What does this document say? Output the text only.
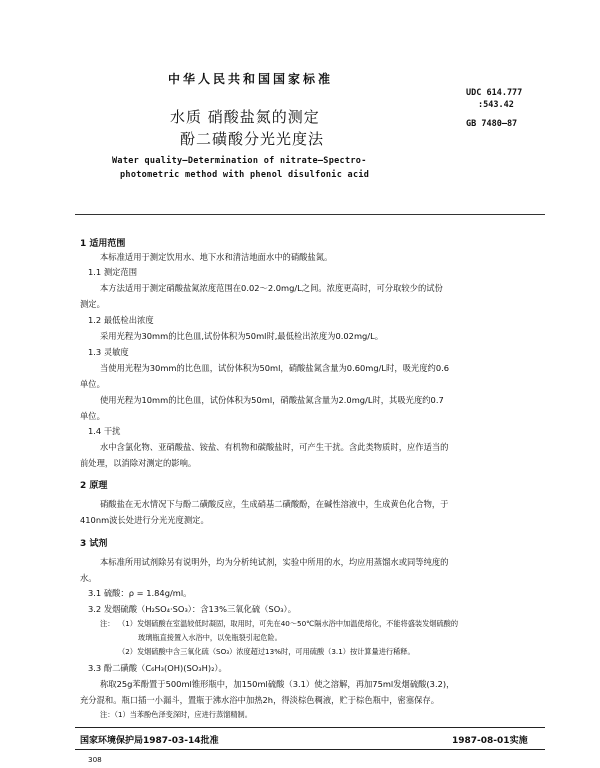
中华人民共和国国家标准
UDC 614.777
:543.42
GB 7480—87
水质 硝酸盐氮的测定
酚二磺酸分光光度法
Water quality—Determination of nitrate—Spectro-
photometric method with phenol disulfonic acid
1 适用范围
本标准适用于测定饮用水、地下水和清洁地面水中的硝酸盐氮。
1.1 测定范围
本方法适用于测定硝酸盐氮浓度范围在0.02～2.0mg/L之间。浓度更高时，可分取较少的试份
测定。
1.2 最低检出浓度
采用光程为30mm的比色皿,试份体积为50ml时,最低检出浓度为0.02mg/L。
1.3 灵敏度
当使用光程为30mm的比色皿，试份体积为50ml，硝酸盐氮含量为0.60mg/L时，吸光度约0.6
单位。
使用光程为10mm的比色皿，试份体积为50ml，硝酸盐氮含量为2.0mg/L时，其吸光度约0.7
单位。
1.4 干扰
水中含氯化物、亚硝酸盐、铵盐、有机物和碳酸盐时，可产生干扰。含此类物质时，应作适当的
前处理，以消除对测定的影响。
2 原理
硝酸盐在无水情况下与酚二磺酸反应，生成硝基二磺酸酚，在碱性溶液中，生成黄色化合物，于
410nm波长处进行分光光度测定。
3 试剂
本标准所用试剂除另有说明外，均为分析纯试剂，实验中所用的水，均应用蒸馏水或同等纯度的
水。
3.1 硫酸：ρ = 1.84g/ml。
3.2 发烟硫酸（H₂SO₄·SO₃）：含13%三氧化硫（SO₃）。
注： （1）发烟硫酸在室温较低时凝固，取用时，可先在40～50℃隔水浴中加温使熔化，不能将盛装发烟硫酸的
玻璃瓶直接置入水浴中，以免瓶裂引起危险。
（2）发烟硫酸中含三氧化硫（SO₃）浓度超过13%时，可用硫酸（3.1）按计算量进行稀释。
3.3 酚二磺酸（C₆H₃(OH)(SO₃H)₂）。
称取25g苯酚置于500ml锥形瓶中，加150ml硫酸（3.1）使之溶解，再加75ml发烟硫酸(3.2)，
充分混和。瓶口插一小漏斗，置瓶于沸水浴中加热2h，得淡棕色稠液，贮于棕色瓶中，密塞保存。
注：（1）当苯酚色泽变深时，应进行蒸馏精制。
国家环境保护局1987-03-14批准	1987-08-01实施
308
